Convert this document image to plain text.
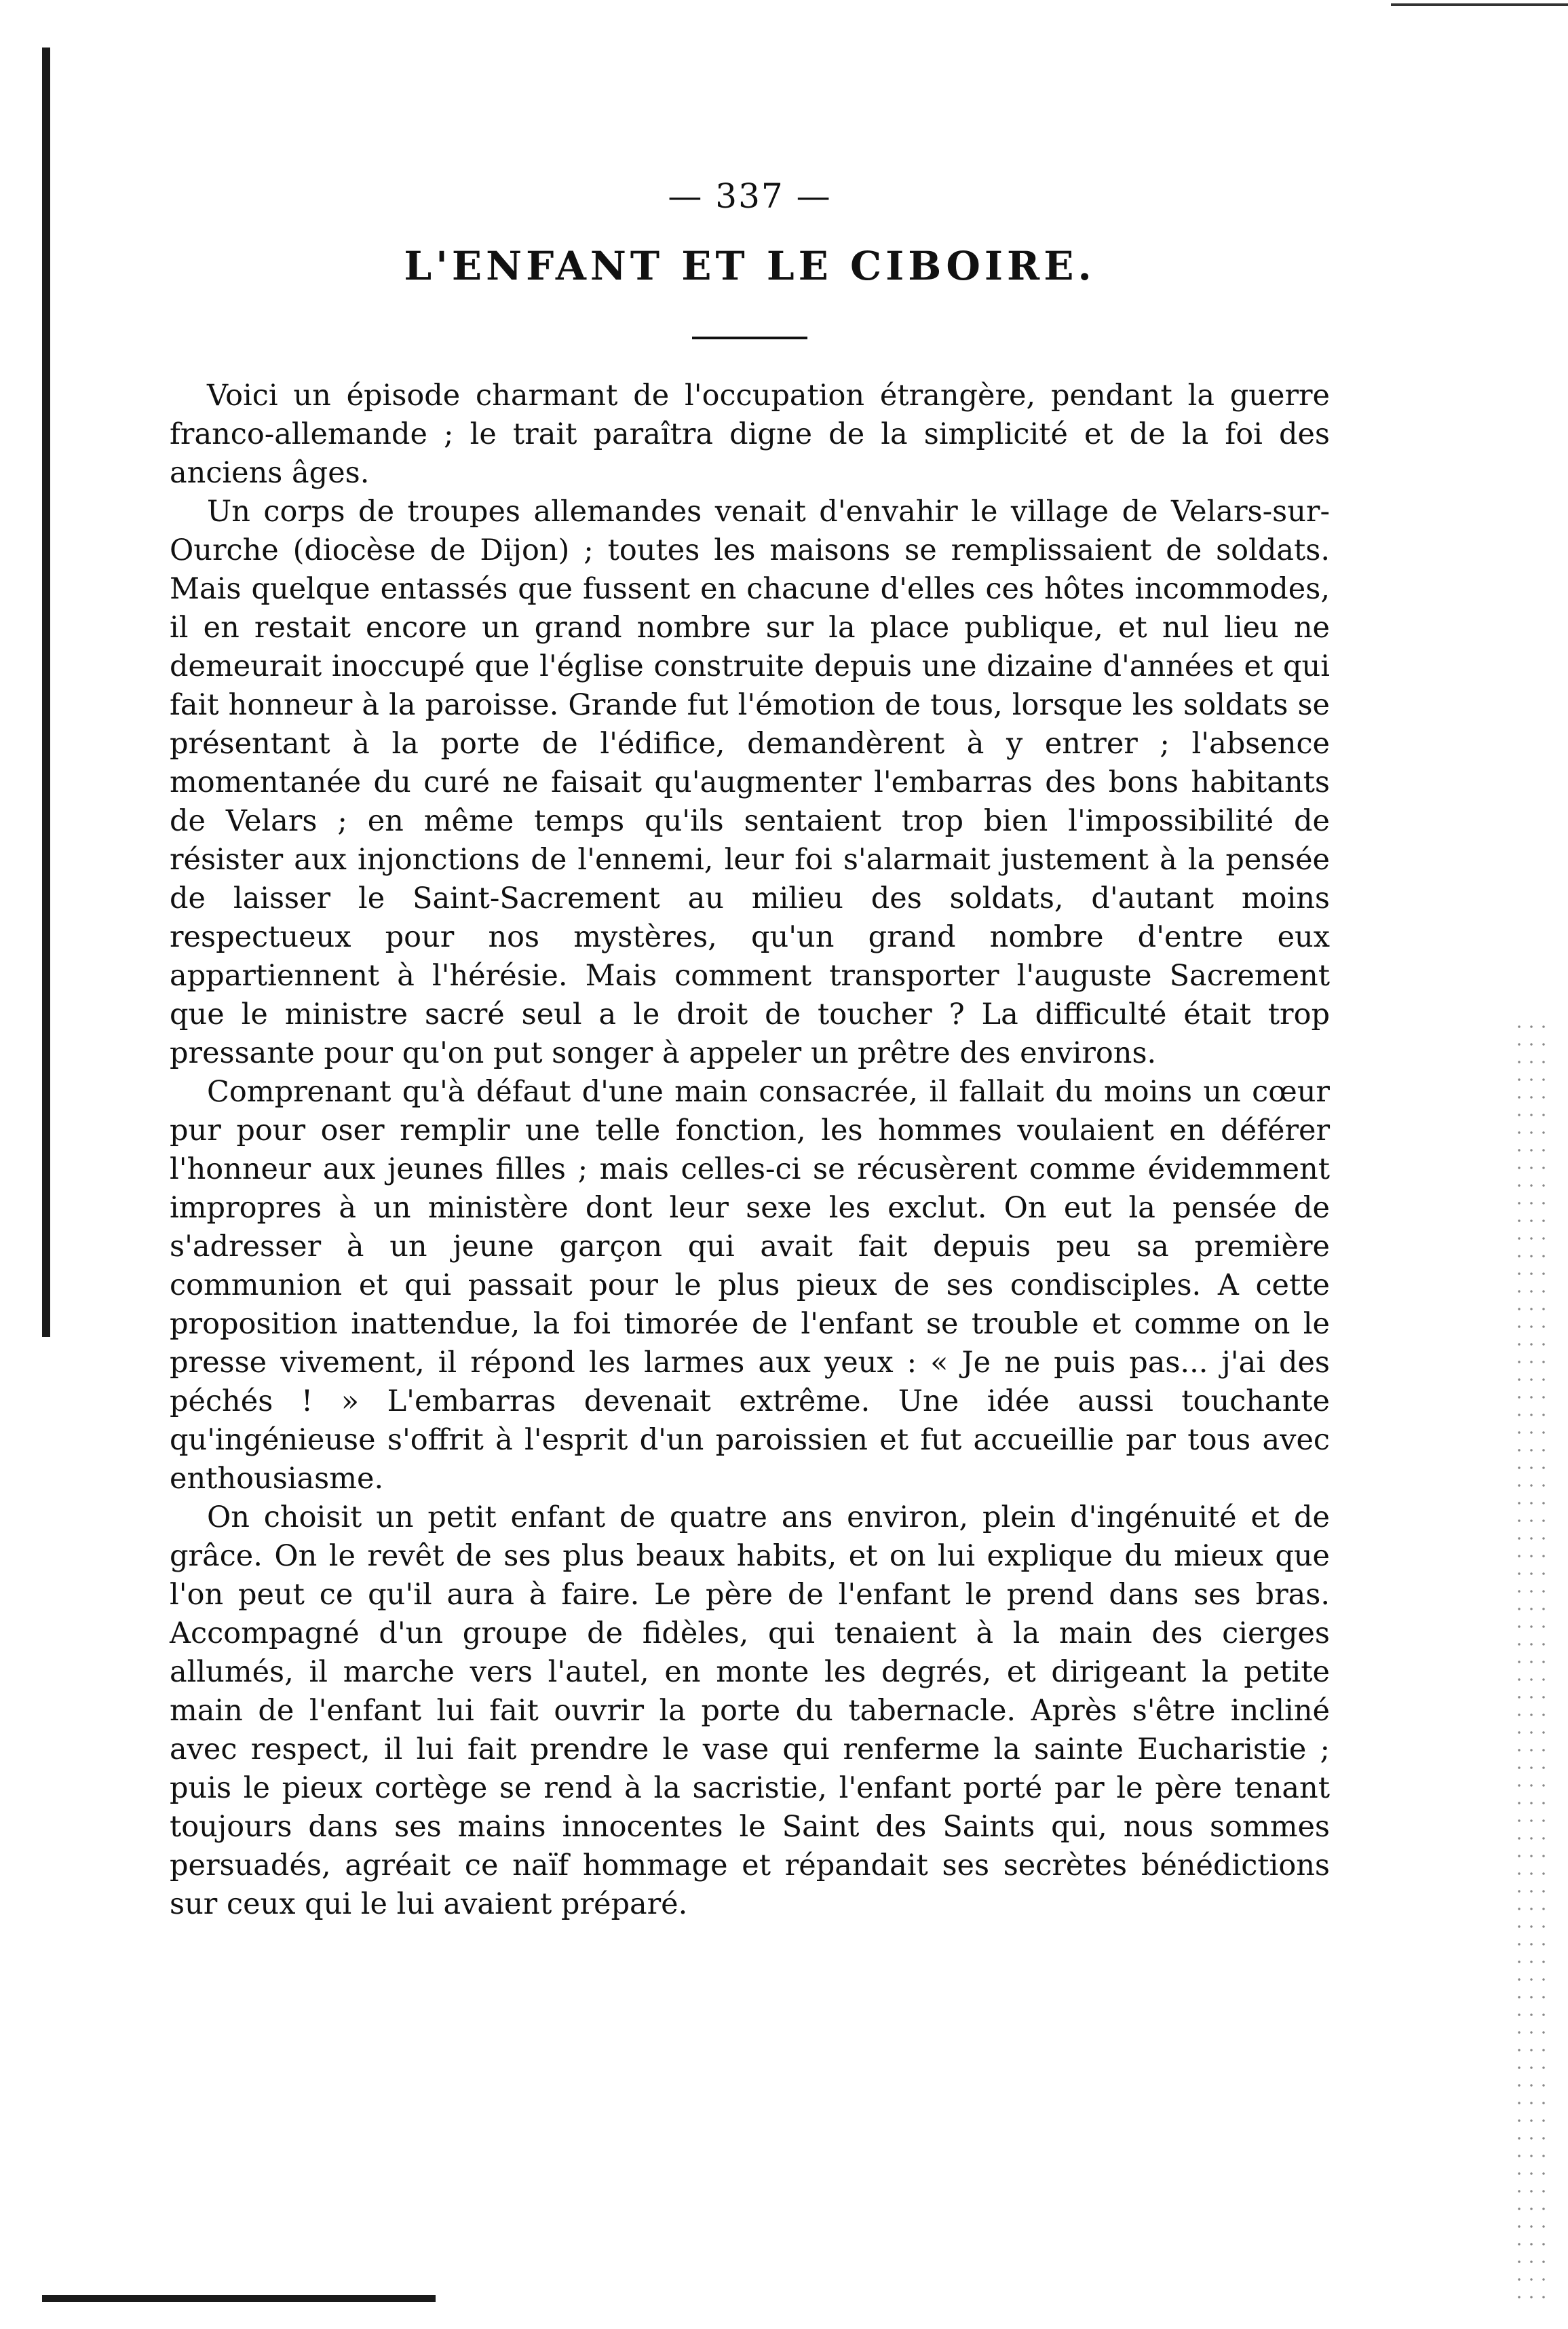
— 337 —
L'ENFANT ET LE CIBOIRE.

Voici un épisode charmant de l'occupation étrangère, pendant la guerre franco-allemande ; le trait paraîtra digne de la simplicité et de la foi des anciens âges.

Un corps de troupes allemandes venait d'envahir le village de Velars-sur-Ourche (diocèse de Dijon) ; toutes les maisons se remplissaient de soldats. Mais quelque entassés que fussent en chacune d'elles ces hôtes incommodes, il en restait encore un grand nombre sur la place publique, et nul lieu ne demeurait inoccupé que l'église construite depuis une dizaine d'années et qui fait honneur à la paroisse. Grande fut l'émotion de tous, lorsque les soldats se présentant à la porte de l'édifice, demandèrent à y entrer ; l'absence momentanée du curé ne faisait qu'augmenter l'embarras des bons habitants de Velars ; en même temps qu'ils sentaient trop bien l'impossibilité de résister aux injonctions de l'ennemi, leur foi s'alarmait justement à la pensée de laisser le Saint-Sacrement au milieu des soldats, d'autant moins respectueux pour nos mystères, qu'un grand nombre d'entre eux appartiennent à l'hérésie. Mais comment transporter l'auguste Sacrement que le ministre sacré seul a le droit de toucher ? La difficulté était trop pressante pour qu'on put songer à appeler un prêtre des environs.

Comprenant qu'à défaut d'une main consacrée, il fallait du moins un cœur pur pour oser remplir une telle fonction, les hommes voulaient en déférer l'honneur aux jeunes filles ; mais celles-ci se récusèrent comme évidemment impropres à un ministère dont leur sexe les exclut. On eut la pensée de s'adresser à un jeune garçon qui avait fait depuis peu sa première communion et qui passait pour le plus pieux de ses condisciples. A cette proposition inattendue, la foi timorée de l'enfant se trouble et comme on le presse vivement, il répond les larmes aux yeux : « Je ne puis pas... j'ai des péchés ! » L'embarras devenait extrême. Une idée aussi touchante qu'ingénieuse s'offrit à l'esprit d'un paroissien et fut accueillie par tous avec enthousiasme.

On choisit un petit enfant de quatre ans environ, plein d'ingénuité et de grâce. On le revêt de ses plus beaux habits, et on lui explique du mieux que l'on peut ce qu'il aura à faire. Le père de l'enfant le prend dans ses bras. Accompagné d'un groupe de fidèles, qui tenaient à la main des cierges allumés, il marche vers l'autel, en monte les degrés, et dirigeant la petite main de l'enfant lui fait ouvrir la porte du tabernacle. Après s'être incliné avec respect, il lui fait prendre le vase qui renferme la sainte Eucharistie ; puis le pieux cortège se rend à la sacristie, l'enfant porté par le père tenant toujours dans ses mains innocentes le Saint des Saints qui, nous sommes persuadés, agréait ce naïf hommage et répandait ses secrètes bénédictions sur ceux qui le lui avaient préparé.
